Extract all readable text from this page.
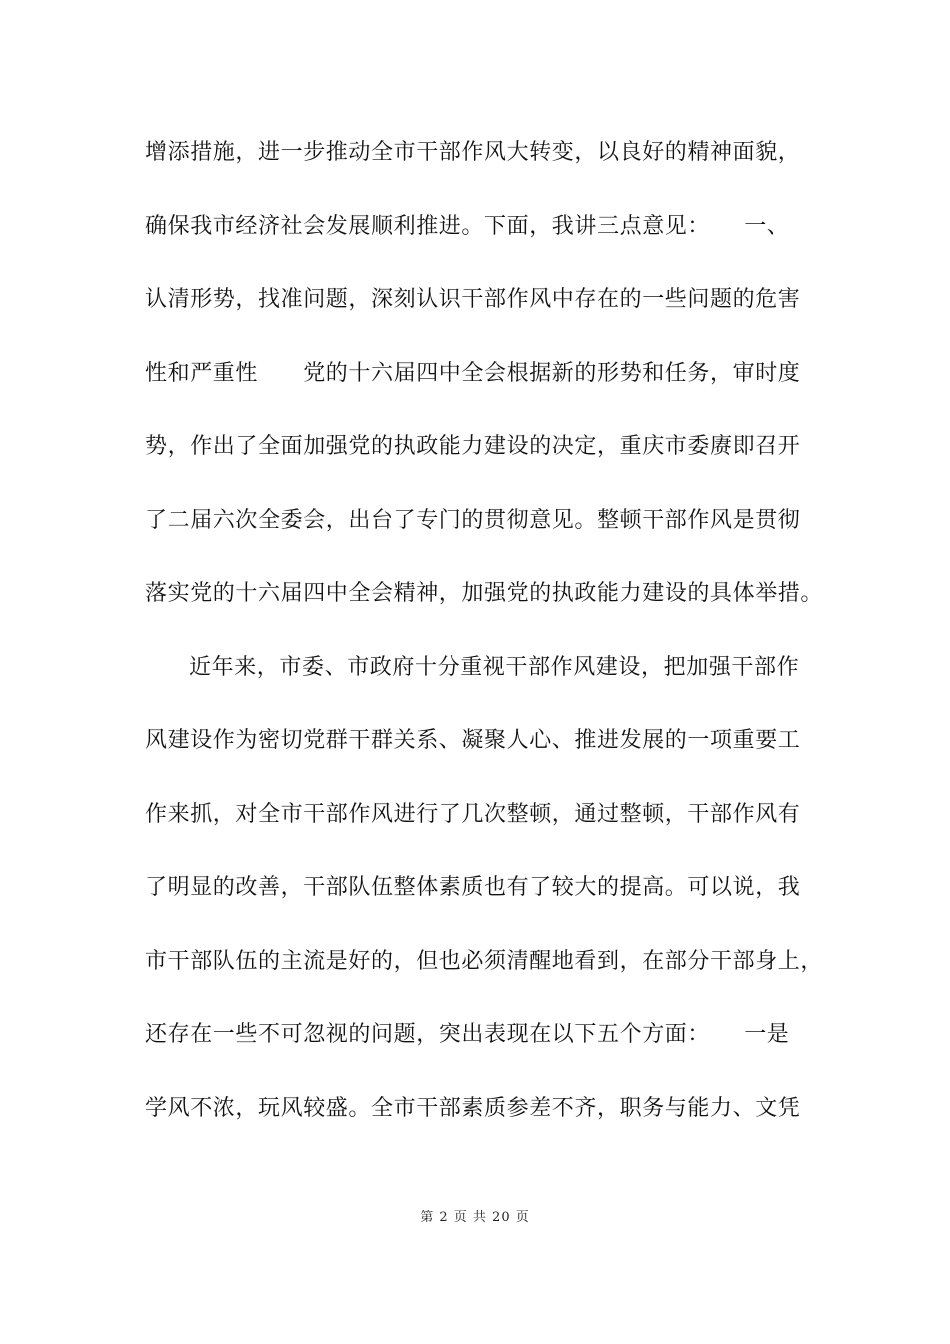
增添措施，进一步推动全市干部作风大转变，以良好的精神面貌，
确保我市经济社会发展顺利推进。下面，我讲三点意见：　　一、
认清形势，找准问题，深刻认识干部作风中存在的一些问题的危害
性和严重性　　党的十六届四中全会根据新的形势和任务，审时度
势，作出了全面加强党的执政能力建设的决定，重庆市委赓即召开
了二届六次全委会，出台了专门的贯彻意见。整顿干部作风是贯彻
落实党的十六届四中全会精神，加强党的执政能力建设的具体举措。
近年来，市委、市政府十分重视干部作风建设，把加强干部作
风建设作为密切党群干群关系、凝聚人心、推进发展的一项重要工
作来抓，对全市干部作风进行了几次整顿，通过整顿，干部作风有
了明显的改善，干部队伍整体素质也有了较大的提高。可以说，我
市干部队伍的主流是好的，但也必须清醒地看到，在部分干部身上，
还存在一些不可忽视的问题，突出表现在以下五个方面：　　一是
学风不浓，玩风较盛。全市干部素质参差不齐，职务与能力、文凭
第 2 页 共 20 页
